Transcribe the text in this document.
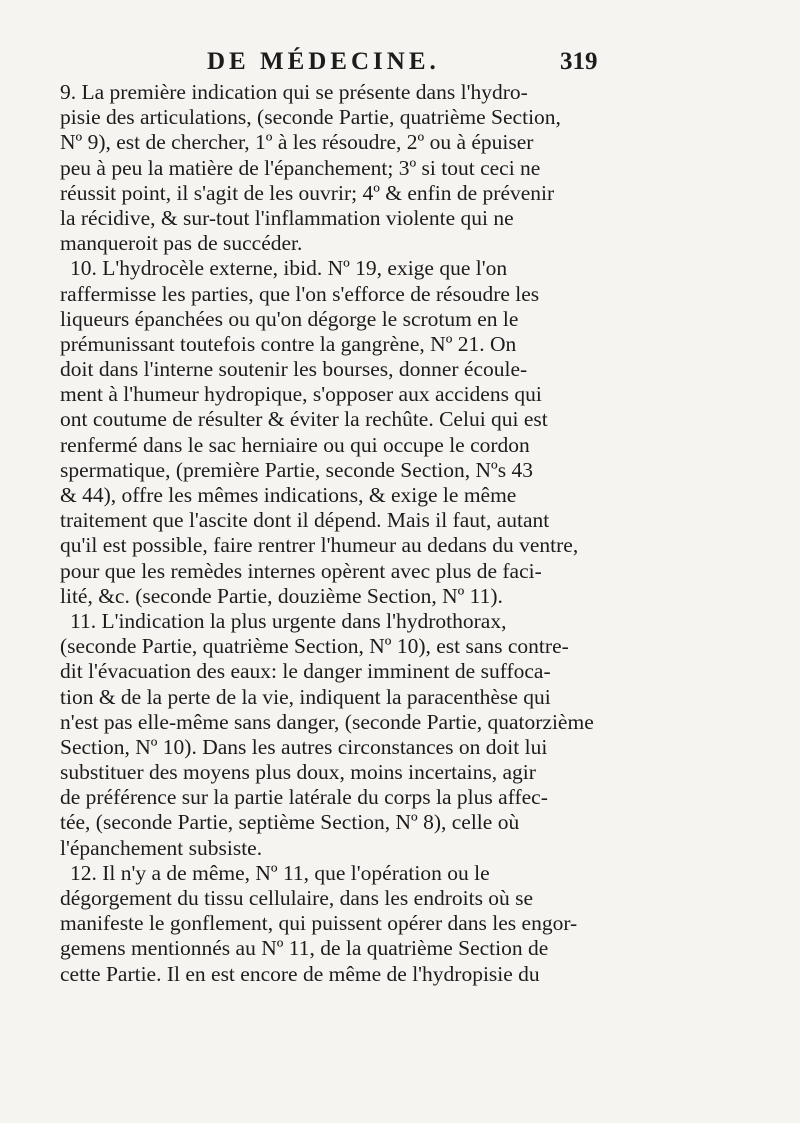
DE MÉDECINE.	319
9. La première indication qui se présente dans l'hydro-
pisie des articulations, (seconde Partie, quatrième Section,
Nº 9), est de chercher, 1º à les résoudre, 2º ou à épuiser
peu à peu la matière de l'épanchement; 3º si tout ceci ne
réussit point, il s'agit de les ouvrir; 4º & enfin de prévenir
la récidive, & sur-tout l'inflammation violente qui ne
manqueroit pas de succéder.
10. L'hydrocèle externe, ibid. Nº 19, exige que l'on
raffermisse les parties, que l'on s'efforce de résoudre les
liqueurs épanchées ou qu'on dégorge le scrotum en le
prémunissant toutefois contre la gangrène, Nº 21. On
doit dans l'interne soutenir les bourses, donner écoule-
ment à l'humeur hydropique, s'opposer aux accidens qui
ont coutume de résulter & éviter la rechûte. Celui qui est
renfermé dans le sac herniaire ou qui occupe le cordon
spermatique, (première Partie, seconde Section, Nºs 43
& 44), offre les mêmes indications, & exige le même
traitement que l'ascite dont il dépend. Mais il faut, autant
qu'il est possible, faire rentrer l'humeur au dedans du ventre,
pour que les remèdes internes opèrent avec plus de faci-
lité, &c. (seconde Partie, douzième Section, Nº 11).
11. L'indication la plus urgente dans l'hydrothorax,
(seconde Partie, quatrième Section, Nº 10), est sans contre-
dit l'évacuation des eaux: le danger imminent de suffoca-
tion & de la perte de la vie, indiquent la paracenthèse qui
n'est pas elle-même sans danger, (seconde Partie, quatorzième
Section, Nº 10). Dans les autres circonstances on doit lui
substituer des moyens plus doux, moins incertains, agir
de préférence sur la partie latérale du corps la plus affec-
tée, (seconde Partie, septième Section, Nº 8), celle où
l'épanchement subsiste.
12. Il n'y a de même, Nº 11, que l'opération ou le
dégorgement du tissu cellulaire, dans les endroits où se
manifeste le gonflement, qui puissent opérer dans les engor-
gemens mentionnés au Nº 11, de la quatrième Section de
cette Partie. Il en est encore de même de l'hydropisie du
